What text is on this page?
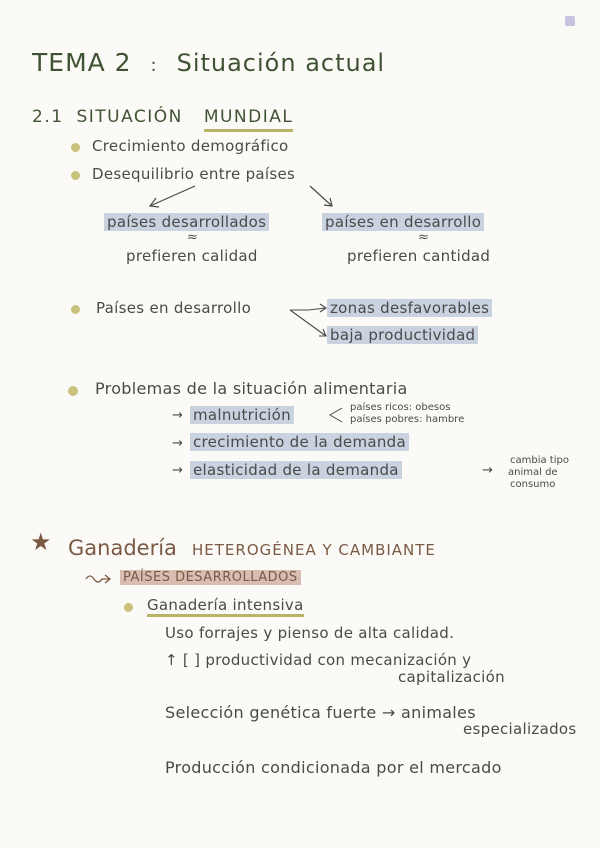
TEMA 2 : Situación actual
2.1 SITUACIÓN MUNDIAL
Crecimiento demográfico
Desequilibrio entre países
países desarrollados	países en desarrollo
≈	≈
prefieren calidad	prefieren cantidad
Países en desarrollo	zonas desfavorables
baja productividad
Problemas de la situación alimentaria
→ malnutrición	países ricos: obesos
países pobres: hambre
→ crecimiento de la demanda
→ elasticidad de la demanda	→
cambia tipo
animal de
consumo
★ Ganadería HETEROGÉNEA Y CAMBIANTE
PAÍSES DESARROLLADOS
Ganadería intensiva
Uso forrajes y pienso de alta calidad.
↑ [ ] productividad con mecanización y
capitalización
Selección genética fuerte → animales
especializados
Producción condicionada por el mercado
